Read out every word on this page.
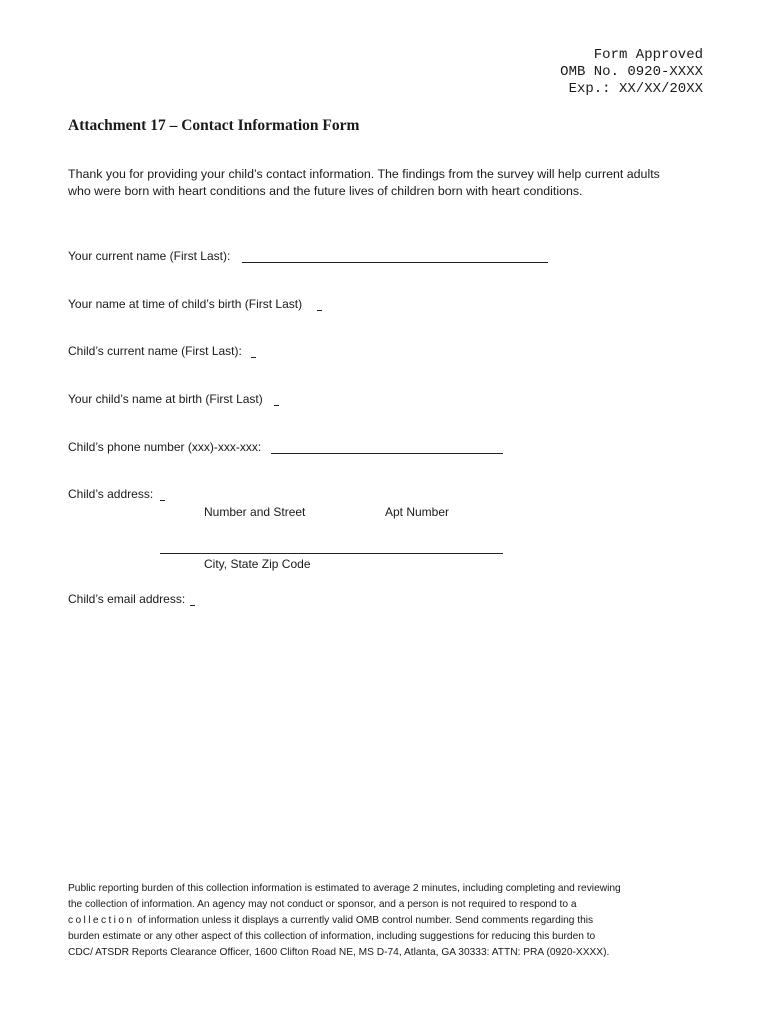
Form Approved
OMB No. 0920-XXXX
Exp.: XX/XX/20XX
Attachment 17 – Contact Information Form
Thank you for providing your child’s contact information. The findings from the survey will help current adults
who were born with heart conditions and the future lives of children born with heart conditions.
Your current name (First Last):
Your name at time of child’s birth (First Last)
Child’s current name (First Last):
Your child’s name at birth (First Last)
Child’s phone number (xxx)-xxx-xxx:
Child’s address:
Number and Street	Apt Number
City, State Zip Code
Child’s email address:
Public reporting burden of this collection information is estimated to average 2 minutes, including completing and reviewing
the collection of information. An agency may not conduct or sponsor, and a person is not required to respond to a
collection of information unless it displays a currently valid OMB control number. Send comments regarding this
burden estimate or any other aspect of this collection of information, including suggestions for reducing this burden to
CDC/ ATSDR Reports Clearance Officer, 1600 Clifton Road NE, MS D-74, Atlanta, GA 30333: ATTN: PRA (0920-XXXX).
